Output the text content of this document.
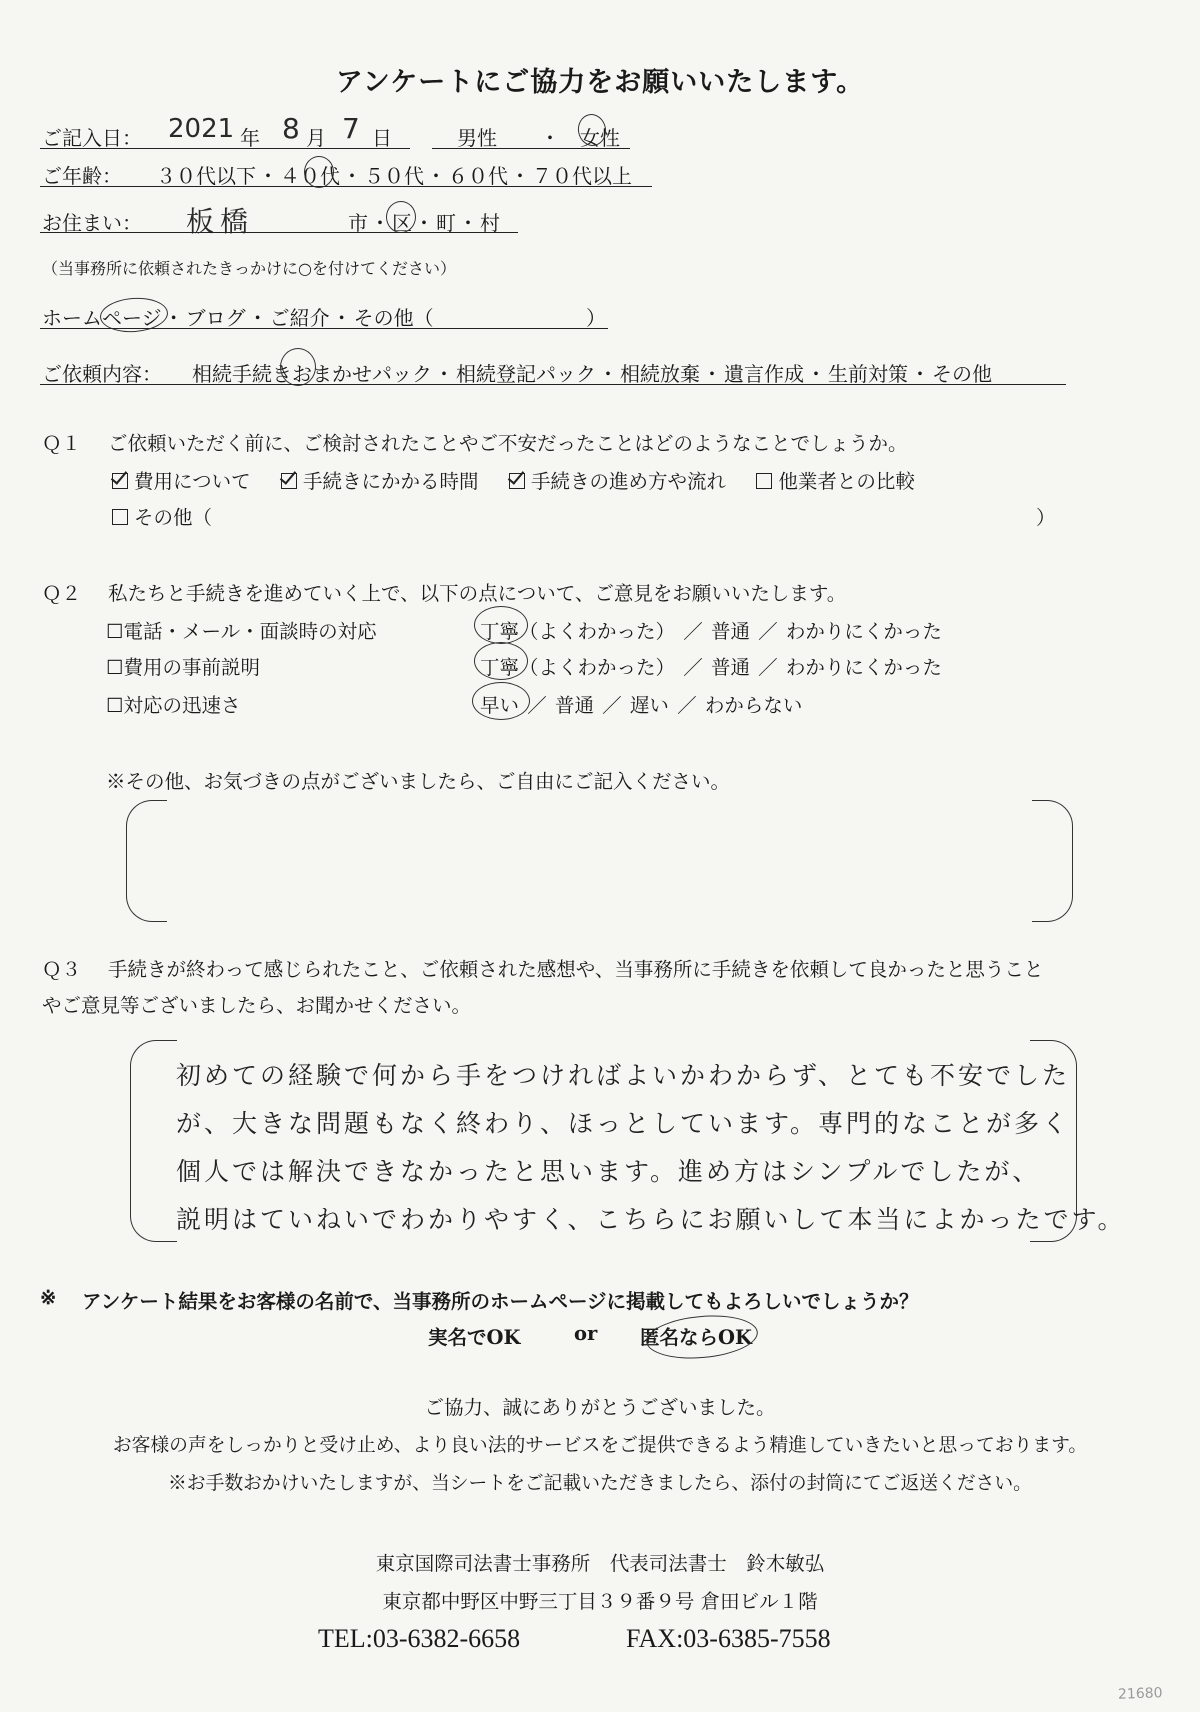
アンケートにご協力をお願いいたします。
ご記入日： 2021 年 8 月 7 日	男性 ・ 女性
ご年齢： ３０代以下 ・ ４０代 ・ ５０代 ・ ６０代 ・ ７０代以上
お住まい： 板橋	市 ・ 区 ・ 町 ・ 村
（当事務所に依頼されたきっかけに○を付けてください）
ホームページ ・ ブログ ・ ご紹介 ・ その他（	）
ご依頼内容： 相続手続きおまかせパック ・ 相続登記パック ・ 相続放棄 ・ 遺言作成 ・ 生前対策 ・ その他
Ｑ１ ご依頼いただく前に、ご検討されたことやご不安だったことはどのようなことでしょうか。
費用について	手続きにかかる時間	手続きの進め方や流れ	他業者との比較
その他（	）
Ｑ２ 私たちと手続きを進めていく上で、以下の点について、ご意見をお願いいたします。
☐電話・メール・面談時の対応	丁寧（よくわかった） ／ 普通 ／ わかりにくかった
☐費用の事前説明	丁寧（よくわかった） ／ 普通 ／ わかりにくかった
☐対応の迅速さ	早い ／ 普通 ／ 遅い ／ わからない
※その他、お気づきの点がございましたら、ご自由にご記入ください。
Ｑ３ 手続きが終わって感じられたこと、ご依頼された感想や、当事務所に手続きを依頼して良かったと思うこと
やご意見等ございましたら、お聞かせください。
初めての経験で何から手をつければよいかわからず、とても不安でした
が、大きな問題もなく終わり、ほっとしています。専門的なことが多く
個人では解決できなかったと思います。進め方はシンプルでしたが、
説明はていねいでわかりやすく、こちらにお願いして本当によかったです。
※ アンケート結果をお客様の名前で、当事務所のホームページに掲載してもよろしいでしょうか？
実名でOK	or 匿名ならOK
ご協力、誠にありがとうございました。
お客様の声をしっかりと受け止め、より良い法的サービスをご提供できるよう精進していきたいと思っております。
※お手数おかけいたしますが、当シートをご記載いただきましたら、添付の封筒にてご返送ください。
東京国際司法書士事務所　代表司法書士　鈴木敏弘
東京都中野区中野三丁目３９番９号 倉田ビル１階
TEL:03-6382-6658	FAX:03-6385-7558
21680
